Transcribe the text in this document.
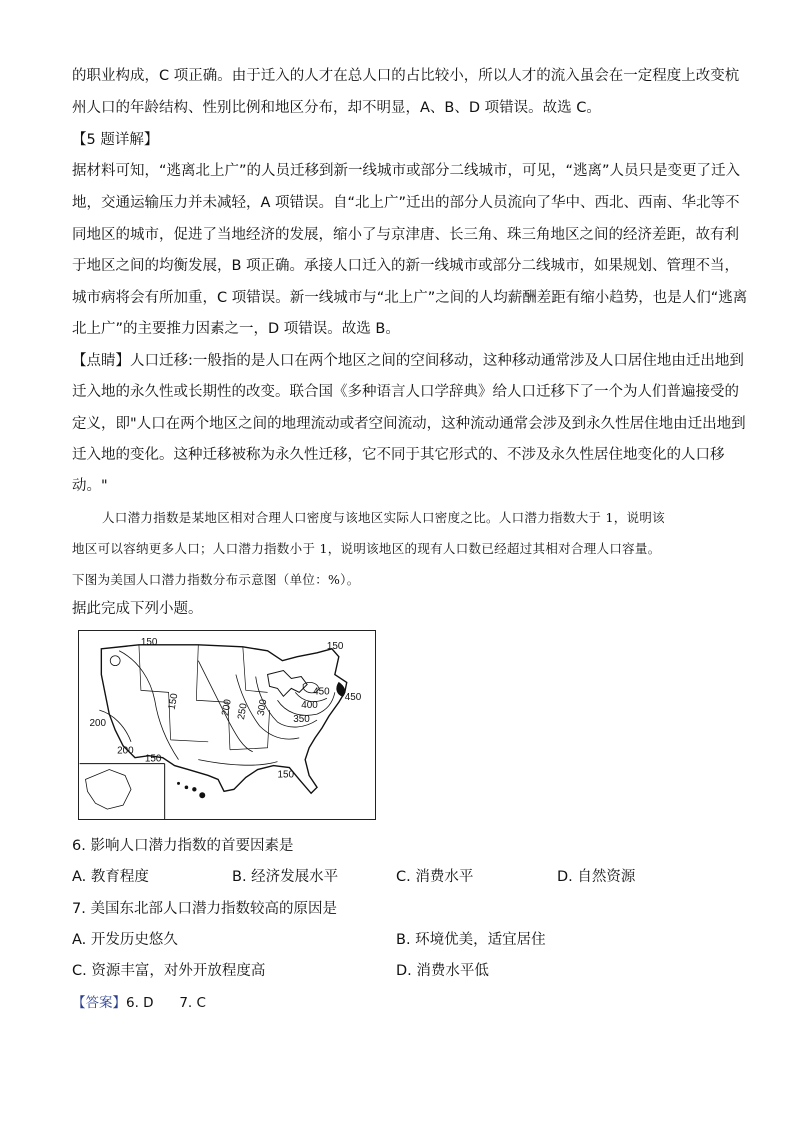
的职业构成，C 项正确。由于迁入的人才在总人口的占比较小，所以人才的流入虽会在一定程度上改变杭
州人口的年龄结构、性别比例和地区分布，却不明显，A、B、D 项错误。故选 C。
【5 题详解】
据材料可知，“逃离北上广”的人员迁移到新一线城市或部分二线城市，可见，“逃离”人员只是变更了迁入
地，交通运输压力并未减轻，A 项错误。自“北上广”迁出的部分人员流向了华中、西北、西南、华北等不
同地区的城市，促进了当地经济的发展，缩小了与京津唐、长三角、珠三角地区之间的经济差距，故有利
于地区之间的均衡发展，B 项正确。承接人口迁入的新一线城市或部分二线城市，如果规划、管理不当，
城市病将会有所加重，C 项错误。新一线城市与“北上广”之间的人均薪酬差距有缩小趋势，也是人们“逃离
北上广”的主要推力因素之一，D 项错误。故选 B。
【点睛】人口迁移:一般指的是人口在两个地区之间的空间移动，这种移动通常涉及人口居住地由迁出地到
迁入地的永久性或长期性的改变。联合国《多种语言人口学辞典》给人口迁移下了一个为人们普遍接受的
定义，即"人口在两个地区之间的地理流动或者空间流动，这种流动通常会涉及到永久性居住地由迁出地到
迁入地的变化。这种迁移被称为永久性迁移，它不同于其它形式的、不涉及永久性居住地变化的人口移
动。"
人口潜力指数是某地区相对合理人口密度与该地区实际人口密度之比。人口潜力指数大于 1，说明该
地区可以容纳更多人口；人口潜力指数小于 1，说明该地区的现有人口数已经超过其相对合理人口容量。
下图为美国人口潜力指数分布示意图（单位：%）。
据此完成下列小题。
150	150
150	200 250 300
450
400
350
450
200
200
150
150
6. 影响人口潜力指数的首要因素是
A. 教育程度	B. 经济发展水平	C. 消费水平	D. 自然资源
7. 美国东北部人口潜力指数较高的原因是
A. 开发历史悠久	B. 环境优美，适宜居住
C. 资源丰富，对外开放程度高	D. 消费水平低
【答案】6. D      7. C
